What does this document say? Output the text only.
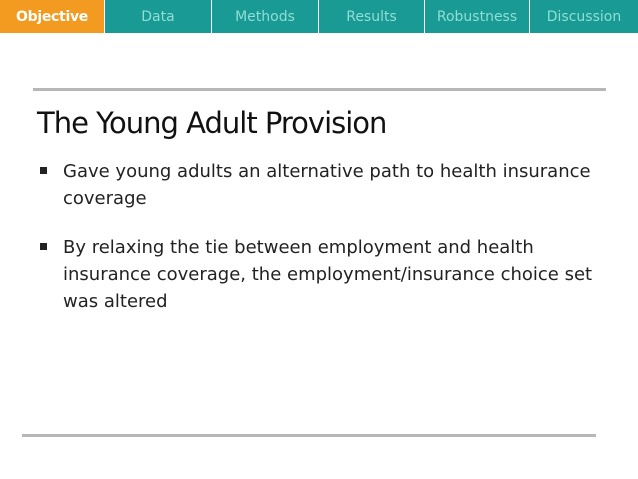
Objective	Data	Methods	Results	Robustness	Discussion
The Young Adult Provision
Gave young adults an alternative path to health insurance coverage
By relaxing the tie between employment and health insurance coverage, the employment/insurance choice set was altered
